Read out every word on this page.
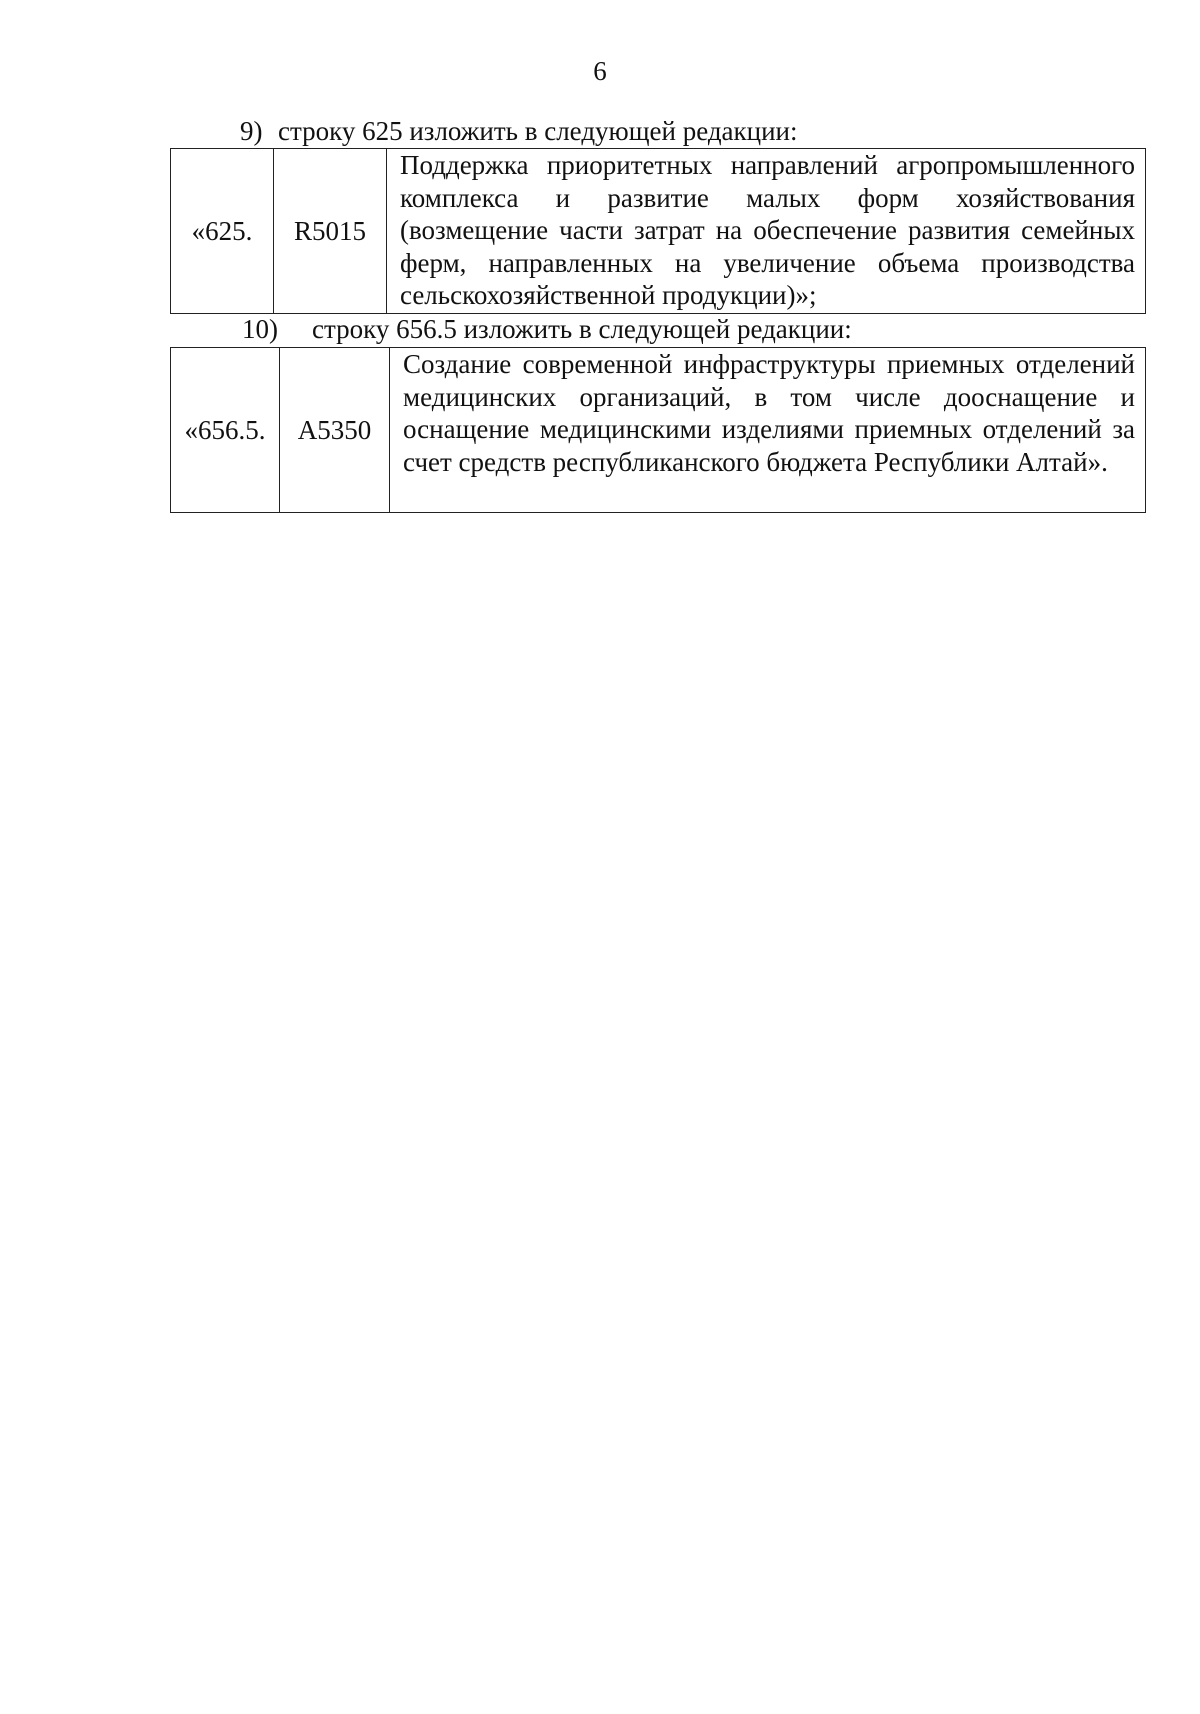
6
9) строку 625 изложить в следующей редакции:
«625.	R5015	Поддержка приоритетных направлений агропромышленного комплекса и развитие малых форм хозяйствования (возмещение части затрат на обеспечение развития семейных ферм, направленных на увеличение объема производства сельскохозяйственной продукции)»;
10) строку 656.5 изложить в следующей редакции:
«656.5.	A5350	Создание современной инфраструктуры приемных отделений медицинских организаций, в том числе дооснащение и оснащение медицинскими изделиями приемных отделений за счет средств республиканского бюджета Республики Алтай».
